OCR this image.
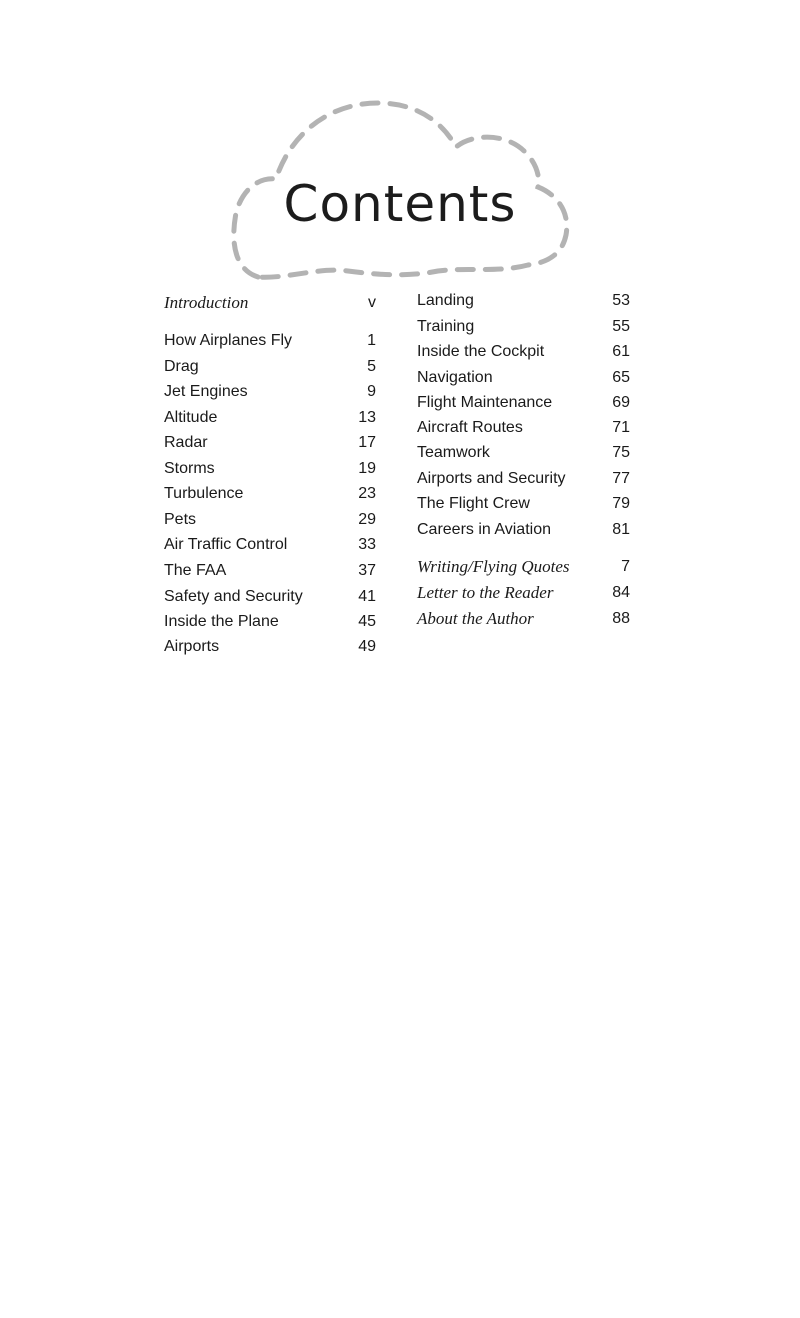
Contents
Introduction	v
How Airplanes Fly	1
Drag	5
Jet Engines	9
Altitude	13
Radar	17
Storms	19
Turbulence	23
Pets	29
Air Traffic Control	33
The FAA	37
Safety and Security	41
Inside the Plane	45
Airports	49
Landing	53
Training	55
Inside the Cockpit	61
Navigation	65
Flight Maintenance	69
Aircraft Routes	71
Teamwork	75
Airports and Security	77
The Flight Crew	79
Careers in Aviation	81
Writing/Flying Quotes	7
Letter to the Reader	84
About the Author	88
